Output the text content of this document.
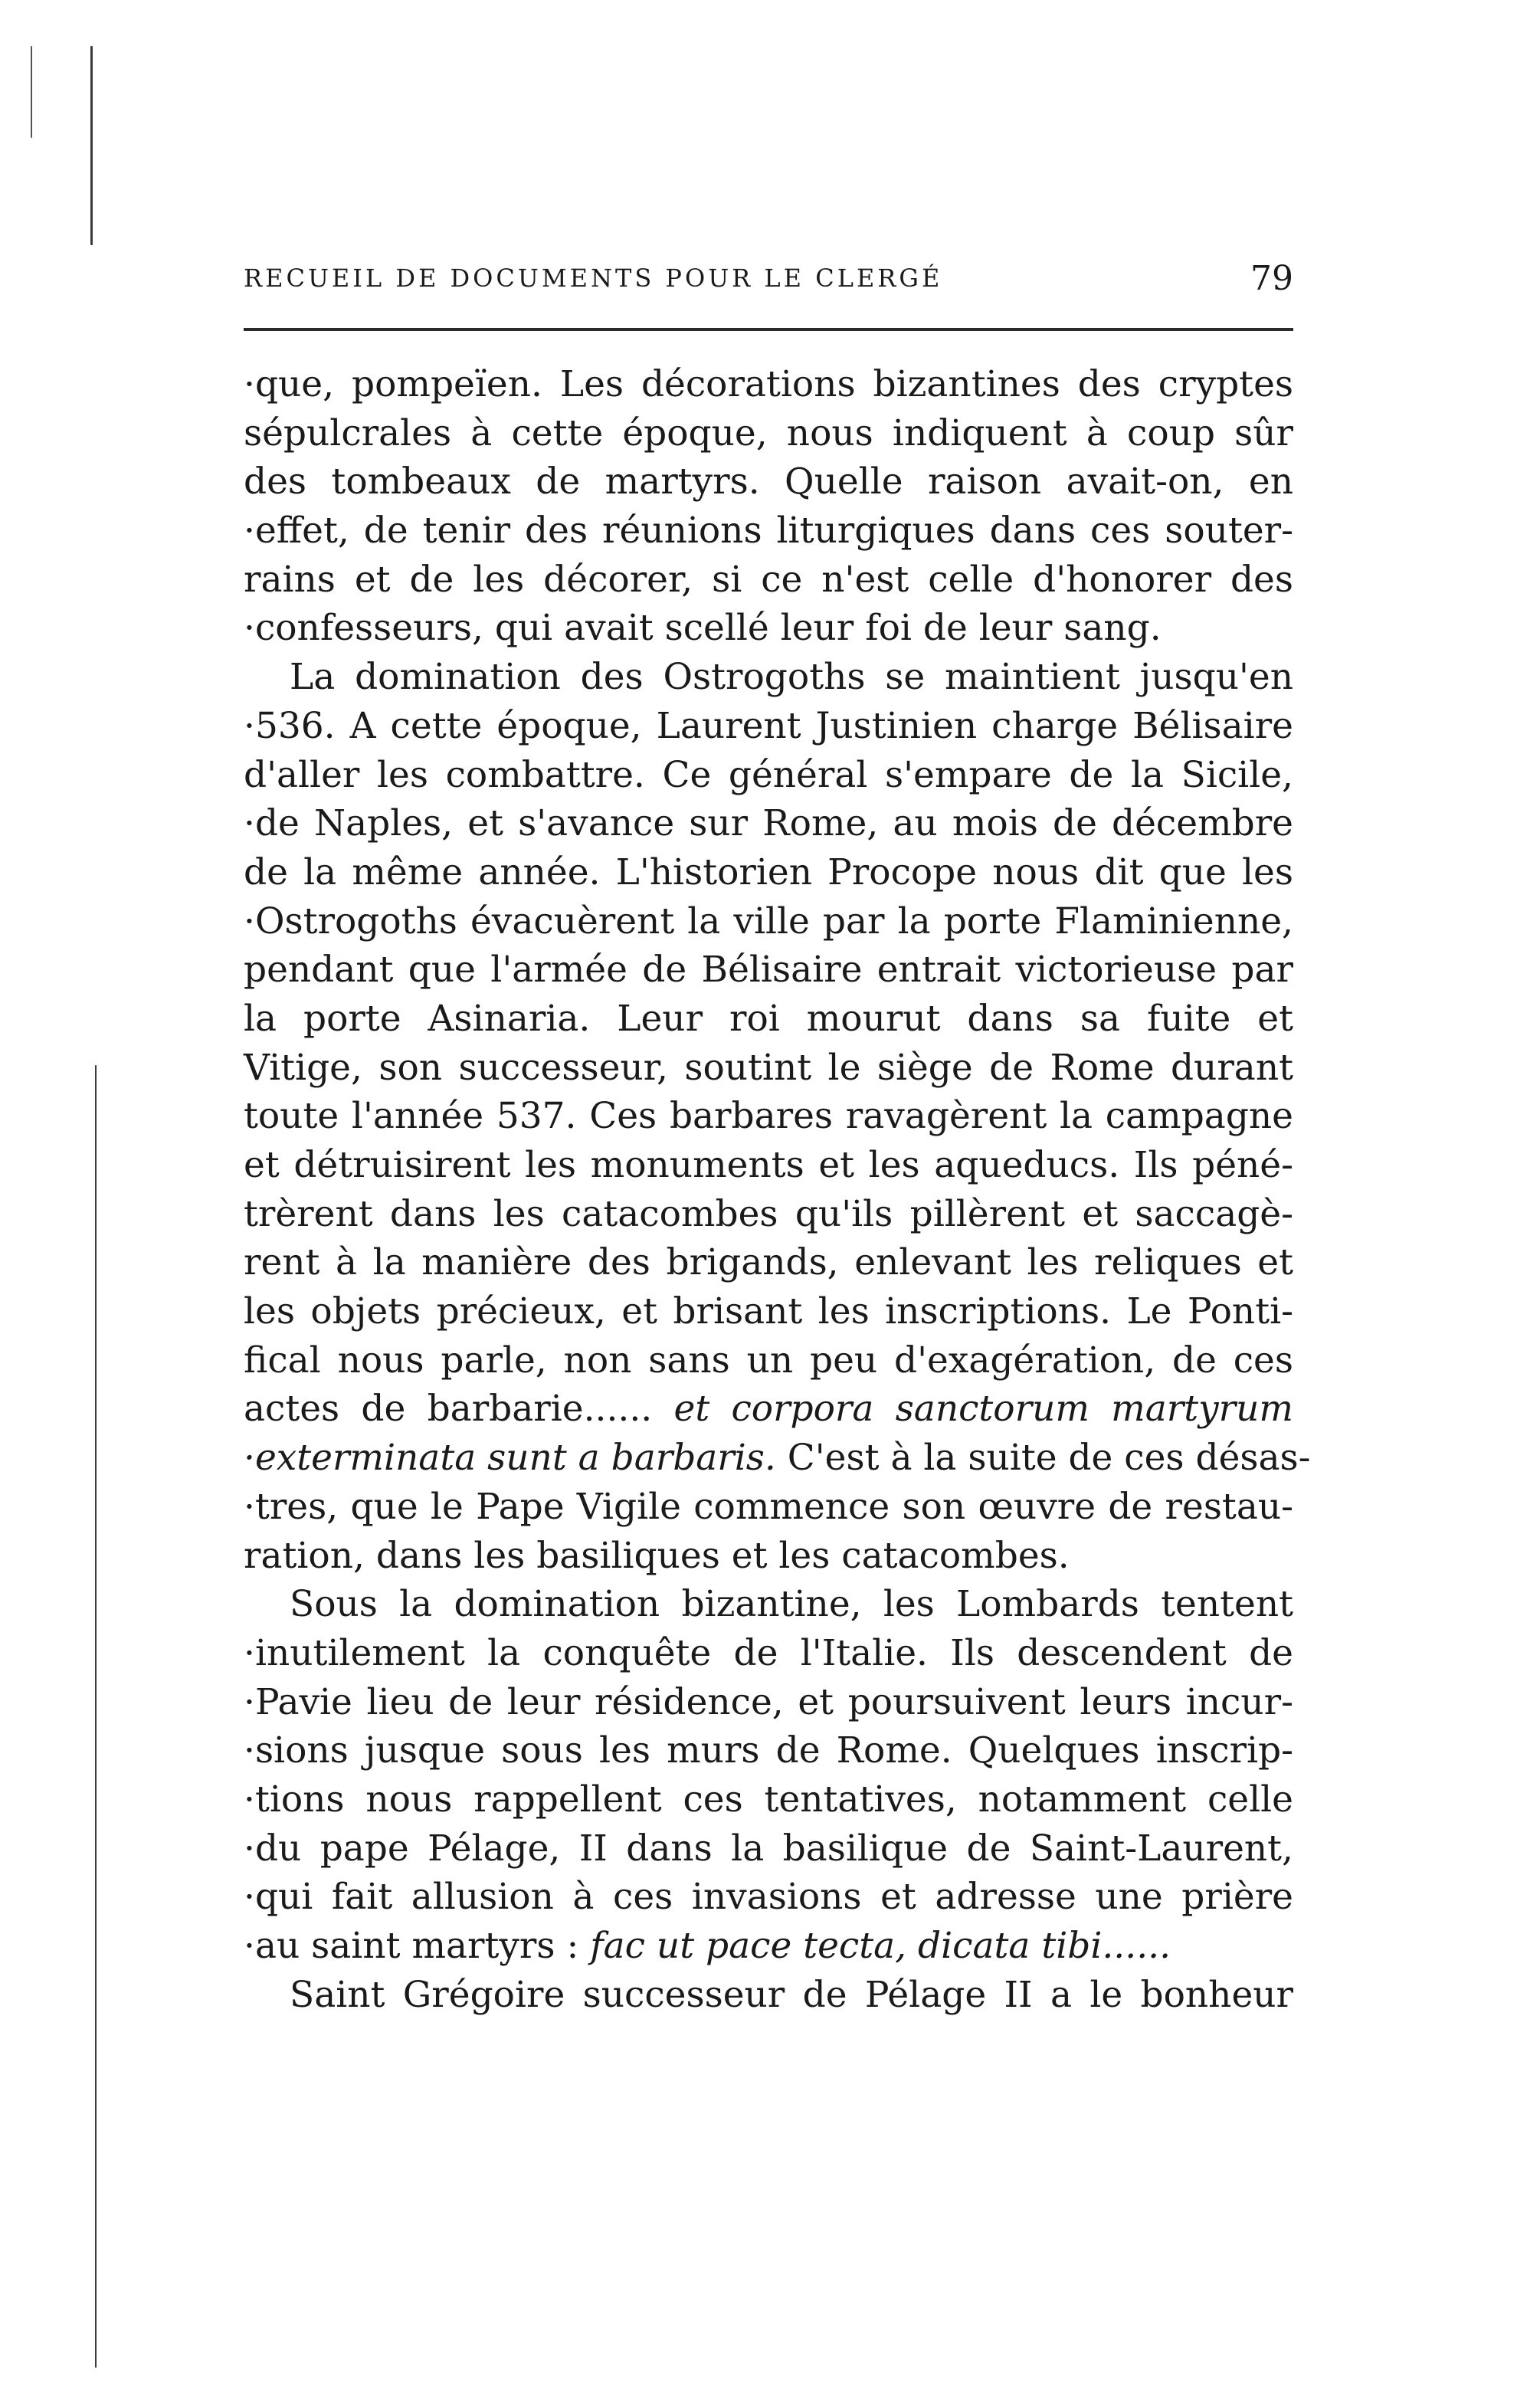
RECUEIL DE DOCUMENTS POUR LE CLERGÉ	79
·que, pompeïen. Les décorations bizantines des cryptes
sépulcrales à cette époque, nous indiquent à coup sûr
des tombeaux de martyrs. Quelle raison avait-on, en
·effet, de tenir des réunions liturgiques dans ces souter-
rains et de les décorer, si ce n'est celle d'honorer des
·confesseurs, qui avait scellé leur foi de leur sang.
La domination des Ostrogoths se maintient jusqu'en
·536. A cette époque, Laurent Justinien charge Bélisaire
d'aller les combattre. Ce général s'empare de la Sicile,
·de Naples, et s'avance sur Rome, au mois de décembre
de la même année. L'historien Procope nous dit que les
·Ostrogoths évacuèrent la ville par la porte Flaminienne,
pendant que l'armée de Bélisaire entrait victorieuse par
la porte Asinaria. Leur roi mourut dans sa fuite et
Vitige, son successeur, soutint le siège de Rome durant
toute l'année 537. Ces barbares ravagèrent la campagne
et détruisirent les monuments et les aqueducs. Ils péné-
trèrent dans les catacombes qu'ils pillèrent et saccagè-
rent à la manière des brigands, enlevant les reliques et
les objets précieux, et brisant les inscriptions. Le Ponti-
fical nous parle, non sans un peu d'exagération, de ces
actes de barbarie...... et corpora sanctorum martyrum
·exterminata sunt a barbaris. C'est à la suite de ces désas-
·tres, que le Pape Vigile commence son œuvre de restau-
ration, dans les basiliques et les catacombes.
Sous la domination bizantine, les Lombards tentent
·inutilement la conquête de l'Italie. Ils descendent de
·Pavie lieu de leur résidence, et poursuivent leurs incur-
·sions jusque sous les murs de Rome. Quelques inscrip-
·tions nous rappellent ces tentatives, notamment celle
·du pape Pélage, II dans la basilique de Saint-Laurent,
·qui fait allusion à ces invasions et adresse une prière
·au saint martyrs : fac ut pace tecta, dicata tibi......
Saint Grégoire successeur de Pélage II a le bonheur
